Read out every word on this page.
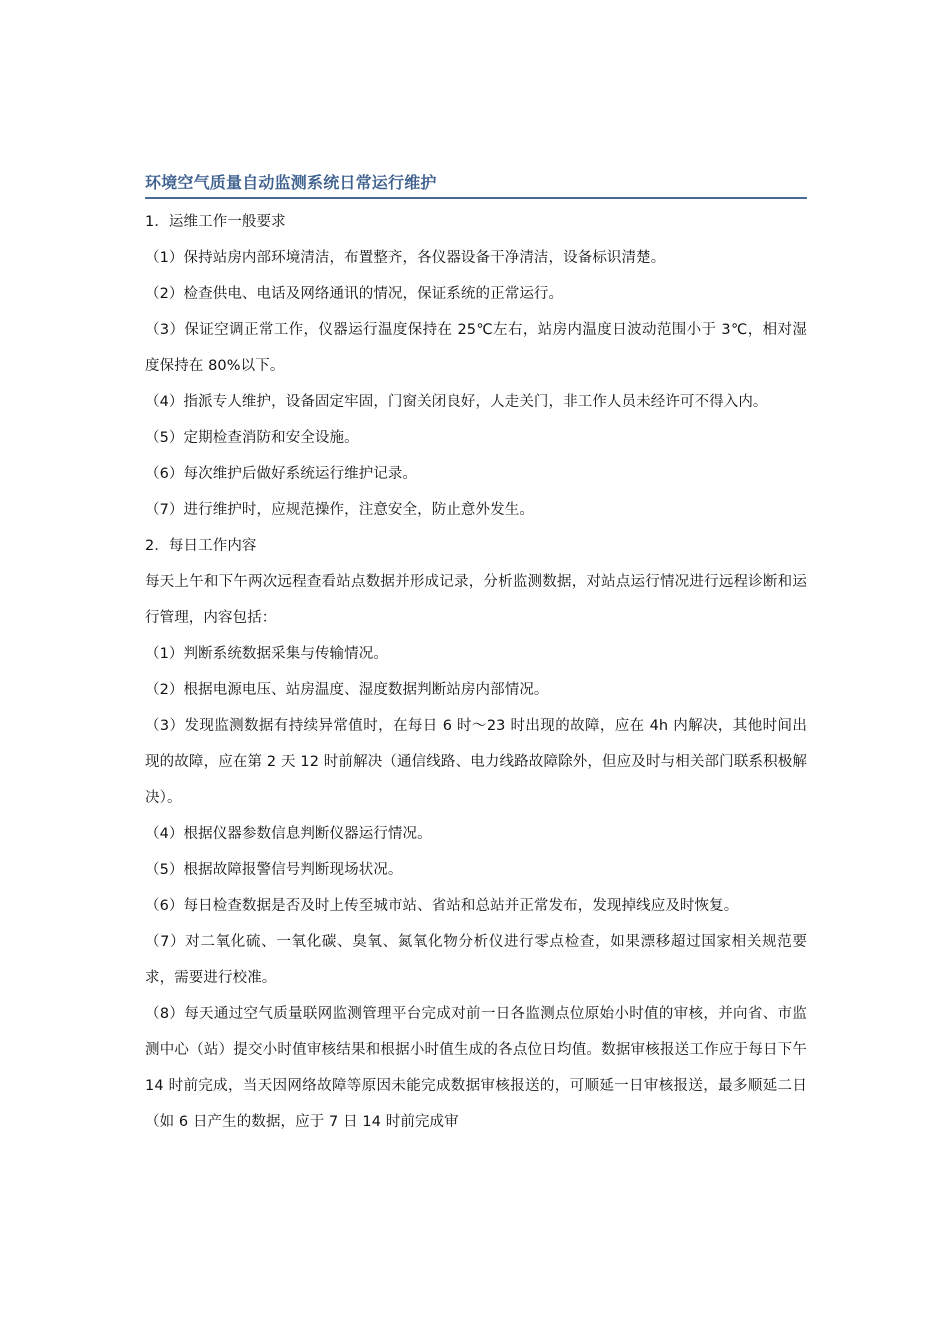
环境空气质量自动监测系统日常运行维护

1．运维工作一般要求

（1）保持站房内部环境清洁，布置整齐，各仪器设备干净清洁，设备标识清楚。

（2）检查供电、电话及网络通讯的情况，保证系统的正常运行。

（3）保证空调正常工作，仪器运行温度保持在 25℃左右，站房内温度日波动范围小于 3℃，相对湿度保持在 80%以下。

（4）指派专人维护，设备固定牢固，门窗关闭良好，人走关门，非工作人员未经许可不得入内。

（5）定期检查消防和安全设施。

（6）每次维护后做好系统运行维护记录。

（7）进行维护时，应规范操作，注意安全，防止意外发生。

2．每日工作内容

每天上午和下午两次远程查看站点数据并形成记录，分析监测数据，对站点运行情况进行远程诊断和运行管理，内容包括：

（1）判断系统数据采集与传输情况。

（2）根据电源电压、站房温度、湿度数据判断站房内部情况。

（3）发现监测数据有持续异常值时，在每日 6 时～23 时出现的故障，应在 4h 内解决，其他时间出现的故障，应在第 2 天 12 时前解决（通信线路、电力线路故障除外，但应及时与相关部门联系积极解决）。

（4）根据仪器参数信息判断仪器运行情况。

（5）根据故障报警信号判断现场状况。

（6）每日检查数据是否及时上传至城市站、省站和总站并正常发布，发现掉线应及时恢复。

（7）对二氧化硫、一氧化碳、臭氧、氮氧化物分析仪进行零点检查，如果漂移超过国家相关规范要求，需要进行校准。

（8）每天通过空气质量联网监测管理平台完成对前一日各监测点位原始小时值的审核，并向省、市监测中心（站）提交小时值审核结果和根据小时值生成的各点位日均值。数据审核报送工作应于每日下午 14 时前完成，当天因网络故障等原因未能完成数据审核报送的，可顺延一日审核报送，最多顺延二日（如 6 日产生的数据，应于 7 日 14 时前完成审
